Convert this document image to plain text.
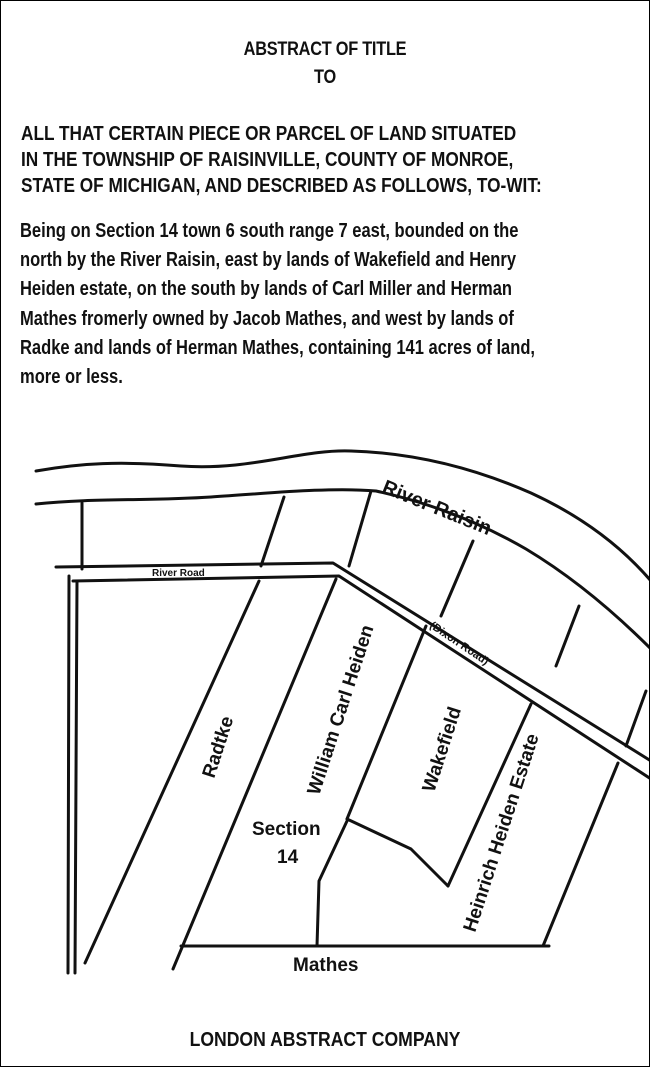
ABSTRACT OF TITLE
TO
ALL THAT CERTAIN PIECE OR PARCEL OF LAND SITUATED
IN THE TOWNSHIP OF RAISINVILLE, COUNTY OF MONROE,
STATE OF MICHIGAN, AND DESCRIBED AS FOLLOWS, TO-WIT:
Being on Section 14 town 6 south range 7 east, bounded on the
north by the River Raisin, east by lands of Wakefield and Henry
Heiden estate, on the south by lands of Carl Miller and Herman
Mathes fromerly owned by Jacob Mathes, and west by lands of
Radke and lands of Herman Mathes, containing 141 acres of land,
more or less.
River Raisin
River Road
(Dixon Road)
Radtke	William Carl Heiden Wakefield
Heinrich Heiden Estate
Section
14
Mathes
LONDON ABSTRACT COMPANY
